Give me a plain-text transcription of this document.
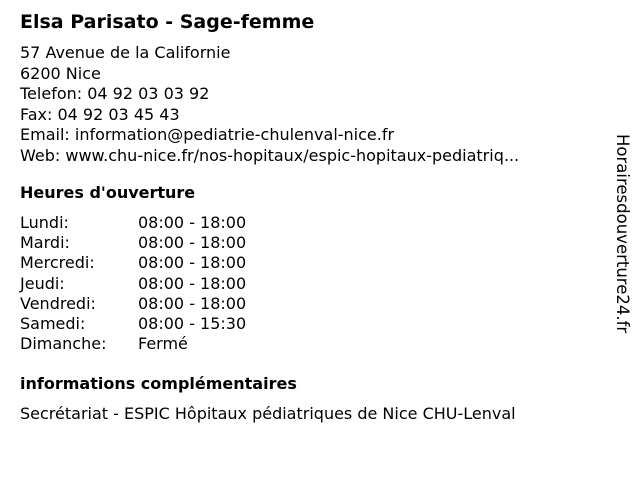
Elsa Parisato - Sage-femme
57 Avenue de la Californie
6200 Nice
Telefon: 04 92 03 03 92
Fax: 04 92 03 45 43
Email: information@pediatrie-chulenval-nice.fr
Web: www.chu-nice.fr/nos-hopitaux/espic-hopitaux-pediatriq...
Heures d'ouverture
Lundi:	08:00 - 18:00
Mardi:	08:00 - 18:00
Mercredi:	08:00 - 18:00
Jeudi:	08:00 - 18:00
Vendredi:	08:00 - 18:00
Samedi:	08:00 - 15:30
Dimanche: Fermé
informations complémentaires
Secrétariat - ESPIC Hôpitaux pédiatriques de Nice CHU-Lenval
Horairesdouverture24.fr
